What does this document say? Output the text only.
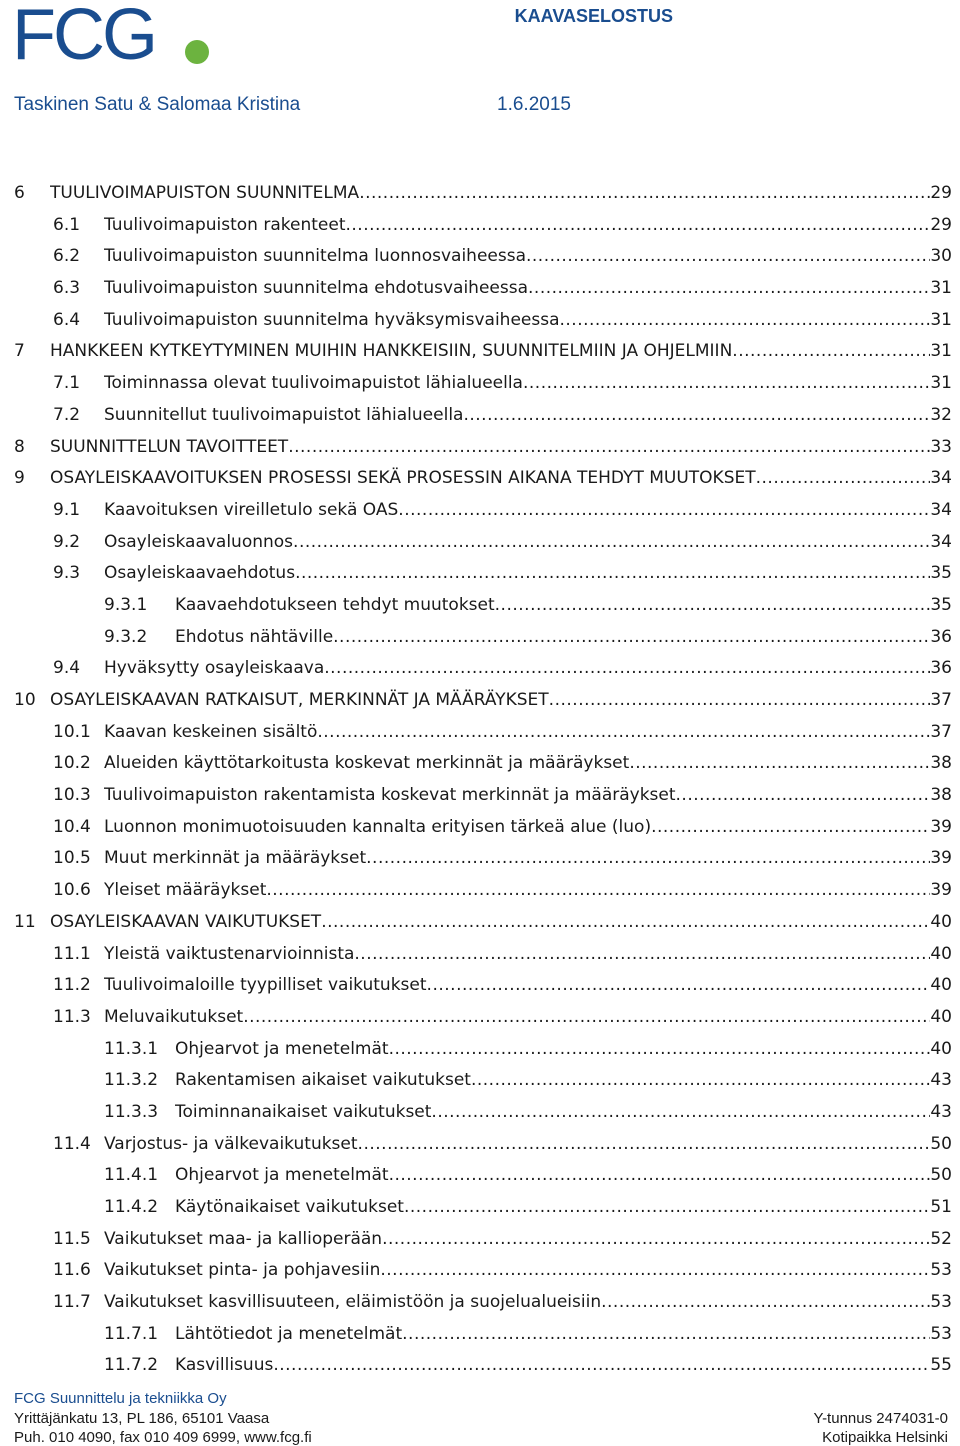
FCG	KAAVASELOSTUS
Taskinen Satu & Salomaa Kristina	1.6.2015
6 TUULIVOIMAPUISTON SUUNNITELMA .....	29
6.1 Tuulivoimapuiston rakenteet .....	29
6.2 Tuulivoimapuiston suunnitelma luonnosvaiheessa .....	30
6.3 Tuulivoimapuiston suunnitelma ehdotusvaiheessa .....	31
6.4 Tuulivoimapuiston suunnitelma hyväksymisvaiheessa .....	31
7 HANKKEEN KYTKEYTYMINEN MUIHIN HANKKEISIIN, SUUNNITELMIIN JA OHJELMIIN .....	31
7.1 Toiminnassa olevat tuulivoimapuistot lähialueella .....	31
7.2 Suunnitellut tuulivoimapuistot lähialueella .....	32
8 SUUNNITTELUN TAVOITTEET .....	33
9 OSAYLEISKAAVOITUKSEN PROSESSI SEKÄ PROSESSIN AIKANA TEHDYT MUUTOKSET .....	34
9.1 Kaavoituksen vireilletulo sekä OAS .....	34
9.2 Osayleiskaavaluonnos .....	34
9.3 Osayleiskaavaehdotus .....	35
9.3.1 Kaavaehdotukseen tehdyt muutokset .....	35
9.3.2 Ehdotus nähtäville .....	36
9.4 Hyväksytty osayleiskaava .....	36
10 OSAYLEISKAAVAN RATKAISUT, MERKINNÄT JA MÄÄRÄYKSET .....	37
10.1 Kaavan keskeinen sisältö .....	37
10.2 Alueiden käyttötarkoitusta koskevat merkinnät ja määräykset .....	38
10.3 Tuulivoimapuiston rakentamista koskevat merkinnät ja määräykset .....	38
10.4 Luonnon monimuotoisuuden kannalta erityisen tärkeä alue (luo) .....	39
10.5 Muut merkinnät ja määräykset .....	39
10.6 Yleiset määräykset .....	39
11 OSAYLEISKAAVAN VAIKUTUKSET .....	40
11.1 Yleistä vaiktustenarvioinnista .....	40
11.2 Tuulivoimaloille tyypilliset vaikutukset .....	40
11.3 Meluvaikutukset .....	40
11.3.1 Ohjearvot ja menetelmät .....	40
11.3.2 Rakentamisen aikaiset vaikutukset .....	43
11.3.3 Toiminnanaikaiset vaikutukset .....	43
11.4 Varjostus- ja välkevaikutukset .....	50
11.4.1 Ohjearvot ja menetelmät .....	50
11.4.2 Käytönaikaiset vaikutukset .....	51
11.5 Vaikutukset maa- ja kallioperään .....	52
11.6 Vaikutukset pinta- ja pohjavesiin .....	53
11.7 Vaikutukset kasvillisuuteen, eläimistöön ja suojelualueisiin .....	53
11.7.1 Lähtötiedot ja menetelmät .....	53
11.7.2 Kasvillisuus .....	55
FCG Suunnittelu ja tekniikka Oy
Yrittäjänkatu 13, PL 186, 65101 Vaasa
Puh. 010 4090, fax 010 409 6999, www.fcg.fi
Y-tunnus 2474031-0
Kotipaikka Helsinki
